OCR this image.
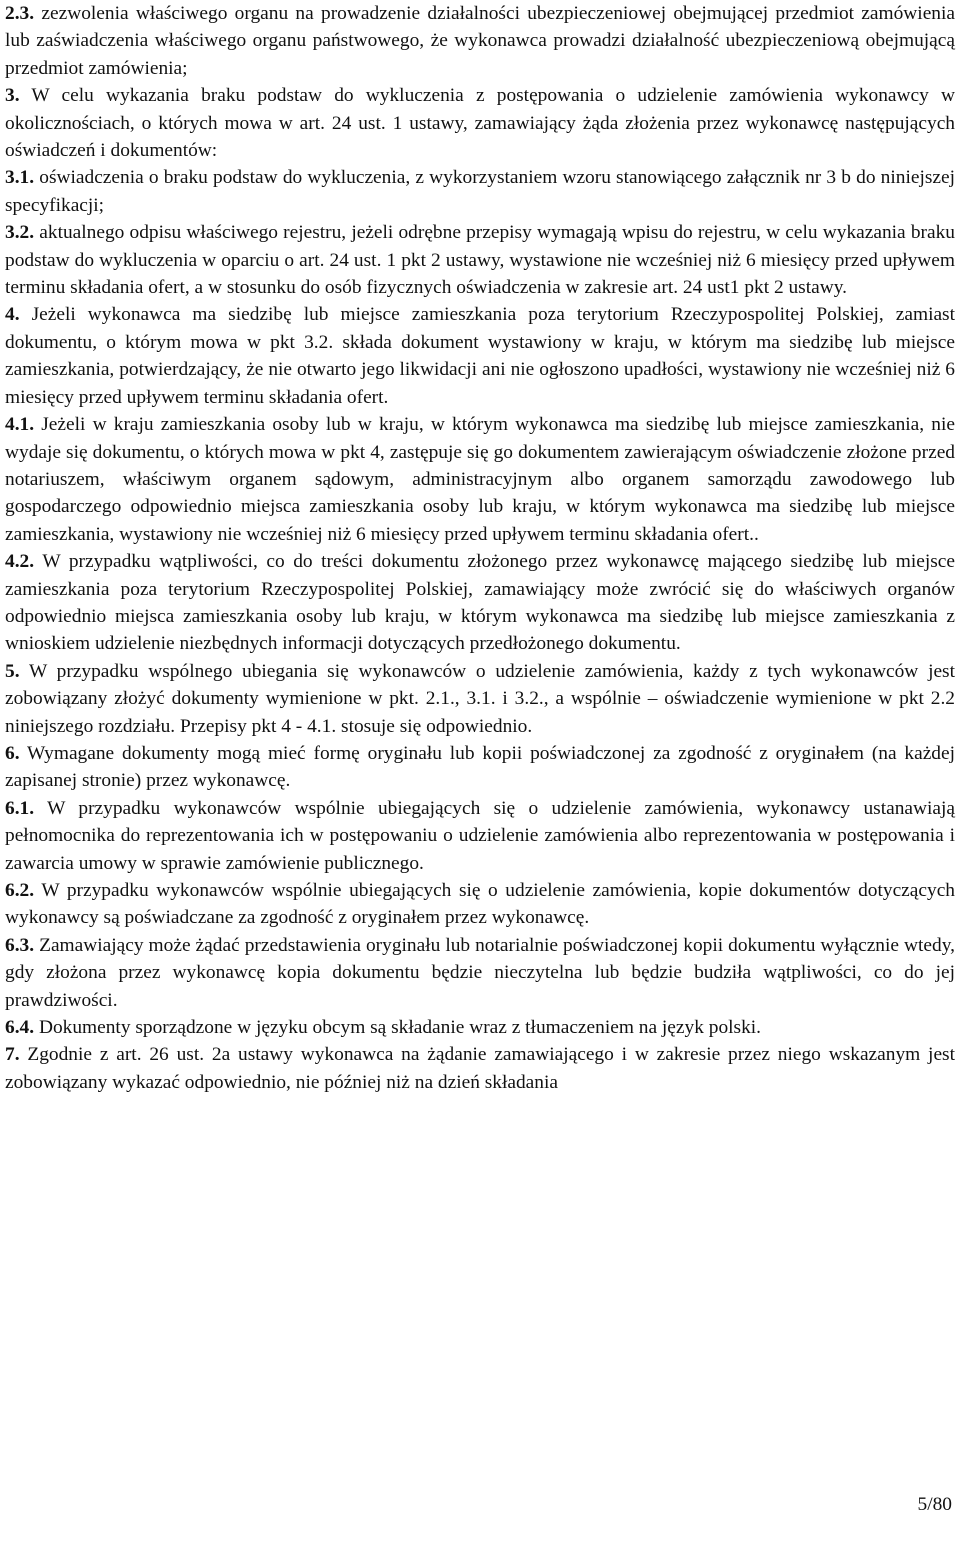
2.3. zezwolenia właściwego organu na prowadzenie działalności ubezpieczeniowej obejmującej przedmiot zamówienia lub zaświadczenia właściwego organu państwowego, że wykonawca prowadzi działalność ubezpieczeniową obejmującą przedmiot zamówienia;

3. W celu wykazania braku podstaw do wykluczenia z postępowania o udzielenie zamówienia wykonawcy w okolicznościach, o których mowa w art. 24 ust. 1 ustawy, zamawiający żąda złożenia przez wykonawcę następujących oświadczeń i dokumentów:

3.1. oświadczenia o braku podstaw do wykluczenia, z wykorzystaniem wzoru stanowiącego załącznik nr 3 b do niniejszej specyfikacji;

3.2. aktualnego odpisu właściwego rejestru, jeżeli odrębne przepisy wymagają wpisu do rejestru, w celu wykazania braku podstaw do wykluczenia w oparciu o art. 24 ust. 1 pkt 2 ustawy, wystawione nie wcześniej niż 6 miesięcy przed upływem terminu składania ofert, a w stosunku do osób fizycznych oświadczenia w zakresie art. 24 ust1 pkt 2 ustawy.

4. Jeżeli wykonawca ma siedzibę lub miejsce zamieszkania poza terytorium Rzeczypospolitej Polskiej, zamiast dokumentu, o którym mowa w pkt 3.2. składa dokument wystawiony w kraju, w którym ma siedzibę lub miejsce zamieszkania, potwierdzający, że nie otwarto jego likwidacji ani nie ogłoszono upadłości, wystawiony nie wcześniej niż 6 miesięcy przed upływem terminu składania ofert.

4.1. Jeżeli w kraju zamieszkania osoby lub w kraju, w którym wykonawca ma siedzibę lub miejsce zamieszkania, nie wydaje się dokumentu, o których mowa w pkt 4, zastępuje się go dokumentem zawierającym oświadczenie złożone przed notariuszem, właściwym organem sądowym, administracyjnym albo organem samorządu zawodowego lub gospodarczego odpowiednio miejsca zamieszkania osoby lub kraju, w którym wykonawca ma siedzibę lub miejsce zamieszkania, wystawiony nie wcześniej niż 6 miesięcy przed upływem terminu składania ofert..

4.2. W przypadku wątpliwości, co do treści dokumentu złożonego przez wykonawcę mającego siedzibę lub miejsce zamieszkania poza terytorium Rzeczypospolitej Polskiej, zamawiający może zwrócić się do właściwych organów odpowiednio miejsca zamieszkania osoby lub kraju, w którym wykonawca ma siedzibę lub miejsce zamieszkania z wnioskiem udzielenie niezbędnych informacji dotyczących przedłożonego dokumentu.

5. W przypadku wspólnego ubiegania się wykonawców o udzielenie zamówienia, każdy z tych wykonawców jest zobowiązany złożyć dokumenty wymienione w pkt. 2.1., 3.1. i 3.2., a wspólnie – oświadczenie wymienione w pkt 2.2 niniejszego rozdziału. Przepisy pkt 4 - 4.1. stosuje się odpowiednio.

6. Wymagane dokumenty mogą mieć formę oryginału lub kopii poświadczonej za zgodność z oryginałem (na każdej zapisanej stronie) przez wykonawcę.

6.1. W przypadku wykonawców wspólnie ubiegających się o udzielenie zamówienia, wykonawcy ustanawiają pełnomocnika do reprezentowania ich w postępowaniu o udzielenie zamówienia albo reprezentowania w postępowania i zawarcia umowy w sprawie zamówienie publicznego.

6.2. W przypadku wykonawców wspólnie ubiegających się o udzielenie zamówienia, kopie dokumentów dotyczących wykonawcy są poświadczane za zgodność z oryginałem przez wykonawcę.

6.3. Zamawiający może żądać przedstawienia oryginału lub notarialnie poświadczonej kopii dokumentu wyłącznie wtedy, gdy złożona przez wykonawcę kopia dokumentu będzie nieczytelna lub będzie budziła wątpliwości, co do jej prawdziwości.

6.4. Dokumenty sporządzone w języku obcym są składanie wraz z tłumaczeniem na język polski.

7. Zgodnie z art. 26 ust. 2a ustawy wykonawca na żądanie zamawiającego i w zakresie przez niego wskazanym jest zobowiązany wykazać odpowiednio, nie później niż na dzień składania

5/80
